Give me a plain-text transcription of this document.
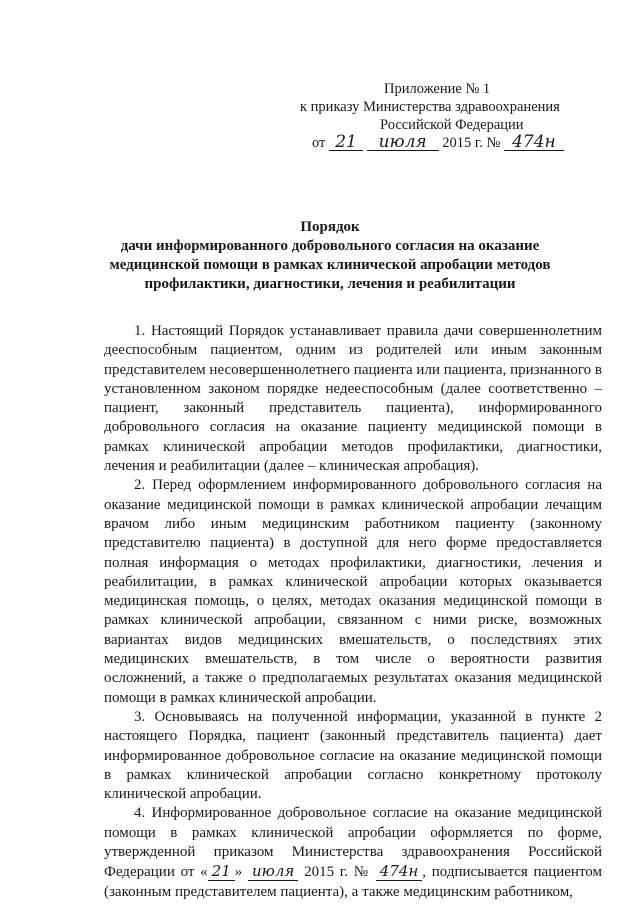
Приложение № 1
к приказу Министерства здравоохранения
Российской Федерации
от 21 июля 2015 г. № 474н
Порядок
дачи информированного добровольного согласия на оказание
медицинской помощи в рамках клинической апробации методов
профилактики, диагностики, лечения и реабилитации

1. Настоящий Порядок устанавливает правила дачи совершеннолетним дееспособным пациентом, одним из родителей или иным законным представителем несовершеннолетнего пациента или пациента, признанного в установленном законом порядке недееспособным (далее соответственно – пациент, законный представитель пациента), информированного добровольного согласия на оказание пациенту медицинской помощи в рамках клинической апробации методов профилактики, диагностики, лечения и реабилитации (далее – клиническая апробация).

2. Перед оформлением информированного добровольного согласия на оказание медицинской помощи в рамках клинической апробации лечащим врачом либо иным медицинским работником пациенту (законному представителю пациента) в доступной для него форме предоставляется полная информация о методах профилактики, диагностики, лечения и реабилитации, в рамках клинической апробации которых оказывается медицинская помощь, о целях, методах оказания медицинской помощи в рамках клинической апробации, связанном с ними риске, возможных вариантах видов медицинских вмешательств, о последствиях этих медицинских вмешательств, в том числе о вероятности развития осложнений, а также о предполагаемых результатах оказания медицинской помощи в рамках клинической апробации.

3. Основываясь на полученной информации, указанной в пункте 2 настоящего Порядка, пациент (законный представитель пациента) дает информированное добровольное согласие на оказание медицинской помощи в рамках клинической апробации согласно конкретному протоколу клинической апробации.

4. Информированное добровольное согласие на оказание медицинской помощи в рамках клинической апробации оформляется по форме, утвержденной приказом Министерства здравоохранения Российской Федерации от « 21 » июля 2015 г. № 474н , подписывается пациентом (законным представителем пациента), а также медицинским работником,
